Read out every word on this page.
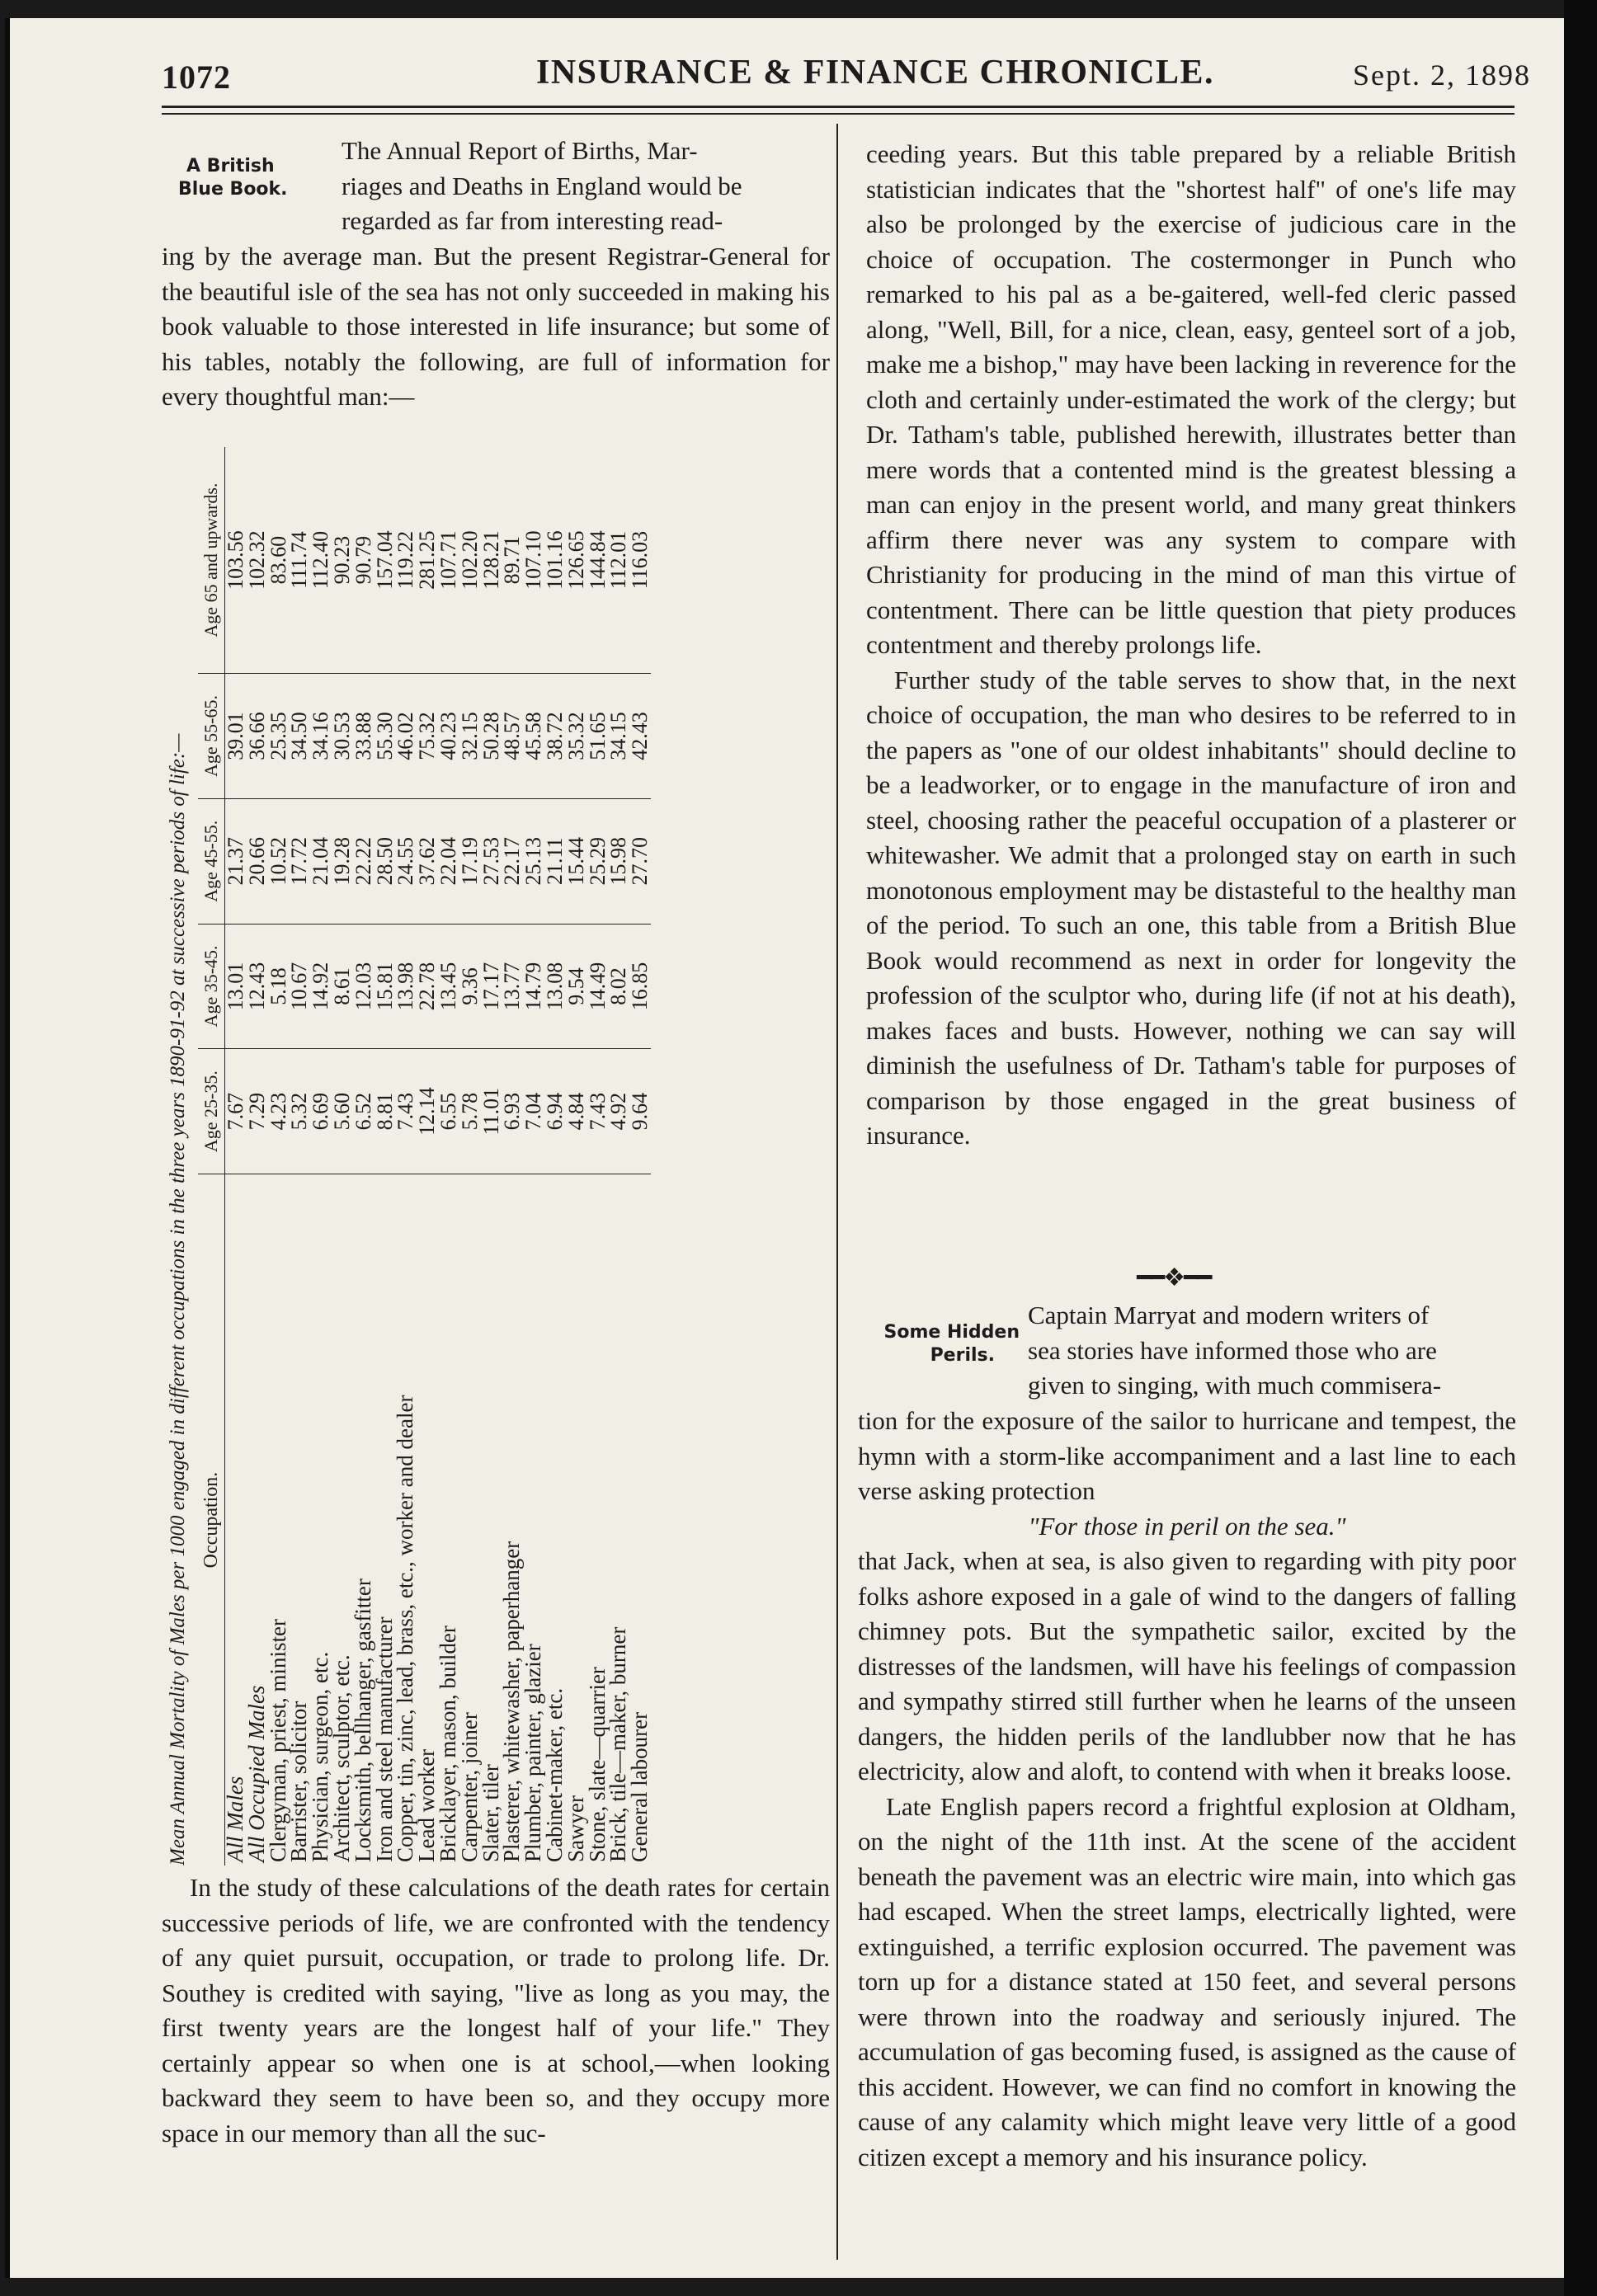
1072	INSURANCE & FINANCE CHRONICLE.	Sept. 2, 1898
A British
Blue Book.

The Annual Report of Births, Mar-

riages and Deaths in England would be

regarded as far from interesting read-

ing by the average man. But the present Registrar-General for the beautiful isle of the sea has not only succeeded in making his book valuable to those interested in life insurance; but some of his tables, notably the following, are full of information for every thoughtful man:—

Mean Annual Mortality of Males per 1000 engaged in different occupations in the three years 1890-91-92 at successive periods of life:— Occupation.	Age 25-35.	Age 35-45.	Age 45-55.	Age 55-65.	Age 65 and upwards.
All Males	7.67	13.01	21.37	39.01	103.56
All Occupied Males	7.29	12.43	20.66	36.66	102.32
Clergyman, priest, minister	4.23	5.18	10.52	25.35	83.60
Barrister, solicitor	5.32	10.67	17.72	34.50	111.74
Physician, surgeon, etc.	6.69	14.92	21.04	34.16	112.40
Architect, sculptor, etc.	5.60	8.61	19.28	30.53	90.23
Locksmith, bellhanger, gasfitter	6.52	12.03	22.22	33.88	90.79
Iron and steel manufacturer	8.81	15.81	28.50	55.30	157.04
Copper, tin, zinc, lead, brass, etc., worker and dealer	7.43	13.98	24.55	46.02	119.22
Lead worker	12.14	22.78	37.62	75.32	281.25
Bricklayer, mason, builder	6.55	13.45	22.04	40.23	107.71
Carpenter, joiner	5.78	9.36	17.19	32.15	102.20
Slater, tiler	11.01	17.17	27.53	50.28	128.21
Plasterer, whitewasher, paperhanger	6.93	13.77	22.17	48.57	89.71
Plumber, painter, glazier	7.04	14.79	25.13	45.58	107.10
Cabinet-maker, etc.	6.94	13.08	21.11	38.72	101.16
Sawyer	4.84	9.54	15.44	35.32	126.65
Stone, slate—quarrier	7.43	14.49	25.29	51.65	144.84
Brick, tile—maker, burner	4.92	8.02	15.98	34.15	112.01
General labourer	9.64	16.85	27.70	42.43	116.03

In the study of these calculations of the death rates for certain successive periods of life, we are confronted with the tendency of any quiet pursuit, occupation, or trade to prolong life. Dr. Southey is credited with saying, "live as long as you may, the first twenty years are the longest half of your life." They certainly appear so when one is at school,—when looking backward they seem to have been so, and they occupy more space in our memory than all the suc-

ceeding years. But this table prepared by a reliable British statistician indicates that the "shortest half" of one's life may also be prolonged by the exercise of judicious care in the choice of occupation. The costermonger in Punch who remarked to his pal as a be-gaitered, well-fed cleric passed along, "Well, Bill, for a nice, clean, easy, genteel sort of a job, make me a bishop," may have been lacking in reverence for the cloth and certainly under-estimated the work of the clergy; but Dr. Tatham's table, published herewith, illustrates better than mere words that a contented mind is the greatest blessing a man can enjoy in the present world, and many great thinkers affirm there never was any system to compare with Christianity for producing in the mind of man this virtue of contentment. There can be little question that piety produces contentment and thereby prolongs life.

Further study of the table serves to show that, in the next choice of occupation, the man who desires to be referred to in the papers as "one of our oldest inhabitants" should decline to be a leadworker, or to engage in the manufacture of iron and steel, choosing rather the peaceful occupation of a plasterer or whitewasher. We admit that a prolonged stay on earth in such monotonous employment may be distasteful to the healthy man of the period. To such an one, this table from a British Blue Book would recommend as next in order for longevity the profession of the sculptor who, during life (if not at his death), makes faces and busts. However, nothing we can say will diminish the usefulness of Dr. Tatham's table for purposes of comparison by those engaged in the great business of insurance.

━━❖━━
Some Hidden
Perils.

Captain Marryat and modern writers of

sea stories have informed those who are

given to singing, with much commisera-

tion for the exposure of the sailor to hurricane and tempest, the hymn with a storm-like accompaniment and a last line to each verse asking protection

"For those in peril on the sea."

that Jack, when at sea, is also given to regarding with pity poor folks ashore exposed in a gale of wind to the dangers of falling chimney pots. But the sympathetic sailor, excited by the distresses of the landsmen, will have his feelings of compassion and sympathy stirred still further when he learns of the unseen dangers, the hidden perils of the landlubber now that he has electricity, alow and aloft, to contend with when it breaks loose.

Late English papers record a frightful explosion at Oldham, on the night of the 11th inst. At the scene of the accident beneath the pavement was an electric wire main, into which gas had escaped. When the street lamps, electrically lighted, were extinguished, a terrific explosion occurred. The pavement was torn up for a distance stated at 150 feet, and several persons were thrown into the roadway and seriously injured. The accumulation of gas becoming fused, is assigned as the cause of this accident. However, we can find no comfort in knowing the cause of any calamity which might leave very little of a good citizen except a memory and his insurance policy.
